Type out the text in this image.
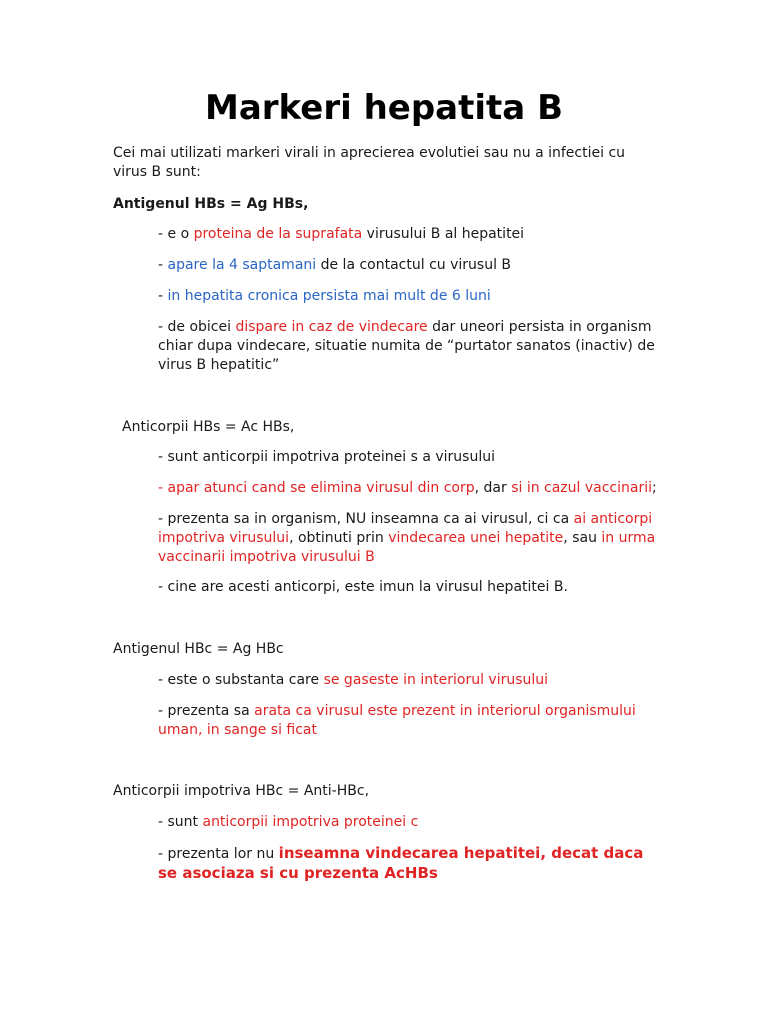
Markeri hepatita B

Cei mai utilizati markeri virali in aprecierea evolutiei sau nu a infectiei cu virus B sunt:

Antigenul HBs = Ag HBs,

- e o proteina de la suprafata virusului B al hepatitei

- apare la 4 saptamani de la contactul cu virusul B

- in hepatita cronica persista mai mult de 6 luni

- de obicei dispare in caz de vindecare dar uneori persista in organism chiar dupa vindecare, situatie numita de “purtator sanatos (inactiv) de virus B hepatitic”

Anticorpii HBs = Ac HBs,

- sunt anticorpii impotriva proteinei s a virusului

- apar atunci cand se elimina virusul din corp, dar si in cazul vaccinarii;

- prezenta sa in organism, NU inseamna ca ai virusul, ci ca ai anticorpi impotriva virusului, obtinuti prin vindecarea unei hepatite, sau in urma vaccinarii impotriva virusului B

- cine are acesti anticorpi, este imun la virusul hepatitei B.

Antigenul HBc = Ag HBc

- este o substanta care se gaseste in interiorul virusului

- prezenta sa arata ca virusul este prezent in interiorul organismului uman, in sange si ficat

Anticorpii impotriva HBc = Anti-HBc,

- sunt anticorpii impotriva proteinei c

- prezenta lor nu inseamna vindecarea hepatitei, decat daca se asociaza si cu prezenta AcHBs
